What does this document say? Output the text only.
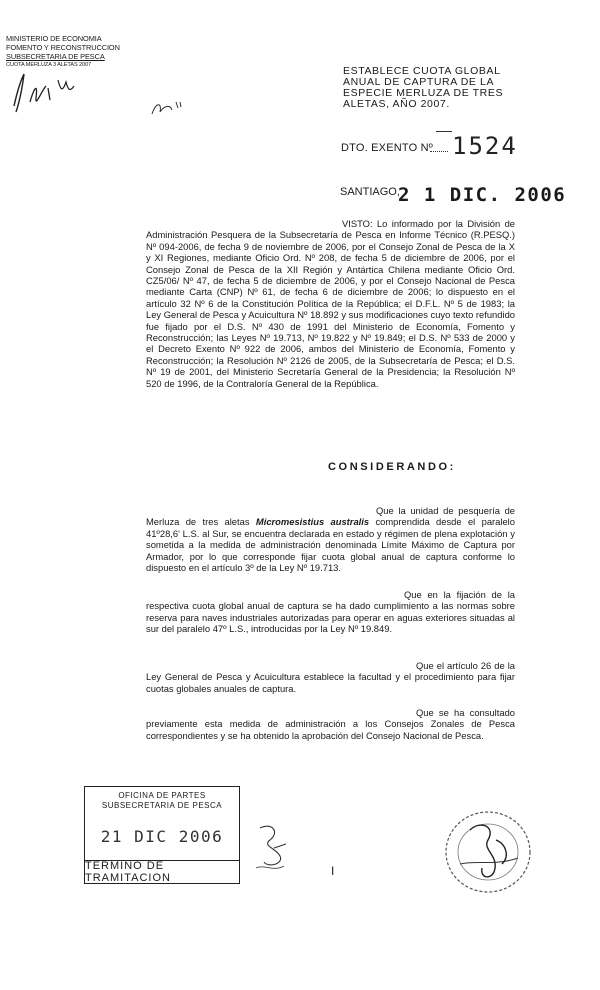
MINISTERIO DE ECONOMIA
FOMENTO Y RECONSTRUCCION
SUBSECRETARIA DE PESCA
CUOTA MERLUZA 3 ALETAS 2007	ESTABLECE CUOTA GLOBAL
ANUAL DE CAPTURA DE LA
ESPECIE MERLUZA DE TRES
ALETAS, AÑO 2007.
DTO. EXENTO Nº 1524
SANTIAGO,
2 1 DIC. 2006
VISTO: Lo informado por la División de Administración Pesquera de la Subsecretaría de Pesca en Informe Técnico (R.PESQ.) Nº 094-2006, de fecha 9 de noviembre de 2006, por el Consejo Zonal de Pesca de la X y XI Regiones, mediante Oficio Ord. Nº 208, de fecha 5 de diciembre de 2006, por el Consejo Zonal de Pesca de la XII Región y Antártica Chilena mediante Oficio Ord. CZ5/06/ Nº 47, de fecha 5 de diciembre de 2006, y por el Consejo Nacional de Pesca mediante Carta (CNP) Nº 61, de fecha 6 de diciembre de 2006; lo dispuesto en el artículo 32 Nº 6 de la Constitución Política de la República; el D.F.L. Nº 5 de 1983; la Ley General de Pesca y Acuicultura Nº 18.892 y sus modificaciones cuyo texto refundido fue fijado por el D.S. Nº 430 de 1991 del Ministerio de Economía, Fomento y Reconstrucción; las Leyes Nº 19.713, Nº 19.822 y Nº 19.849; el D.S. Nº 533 de 2000 y el Decreto Exento Nº 922 de 2006, ambos del Ministerio de Economía, Fomento y Reconstrucción; la Resolución Nº 2126 de 2005, de la Subsecretaría de Pesca; el D.S. Nº 19 de 2001, del Ministerio Secretaría General de la Presidencia; la Resolución Nº 520 de 1996, de la Contraloría General de la República.
CONSIDERANDO:
Que la unidad de pesquería de Merluza de tres aletas Micromesistius australis comprendida desde el paralelo 41º28,6' L.S. al Sur, se encuentra declarada en estado y régimen de plena explotación y sometida a la medida de administración denominada Límite Máximo de Captura por Armador, por lo que corresponde fijar cuota global anual de captura conforme lo dispuesto en el artículo 3º de la Ley Nº 19.713.
Que en la fijación de la respectiva cuota global anual de captura se ha dado cumplimiento a las normas sobre reserva para naves industriales autorizadas para operar en aguas exteriores situadas al sur del paralelo 47º L.S., introducidas por la Ley Nº 19.849.
Que el artículo 26 de la Ley General de Pesca y Acuicultura establece la facultad y el procedimiento para fijar cuotas globales anuales de captura.
Que se ha consultado previamente esta medida de administración a los Consejos Zonales de Pesca correspondientes y se ha obtenido la aprobación del Consejo Nacional de Pesca.
OFICINA DE PARTES
SUBSECRETARIA DE PESCA
21 DIC 2006
TERMINO DE TRAMITACION	I
